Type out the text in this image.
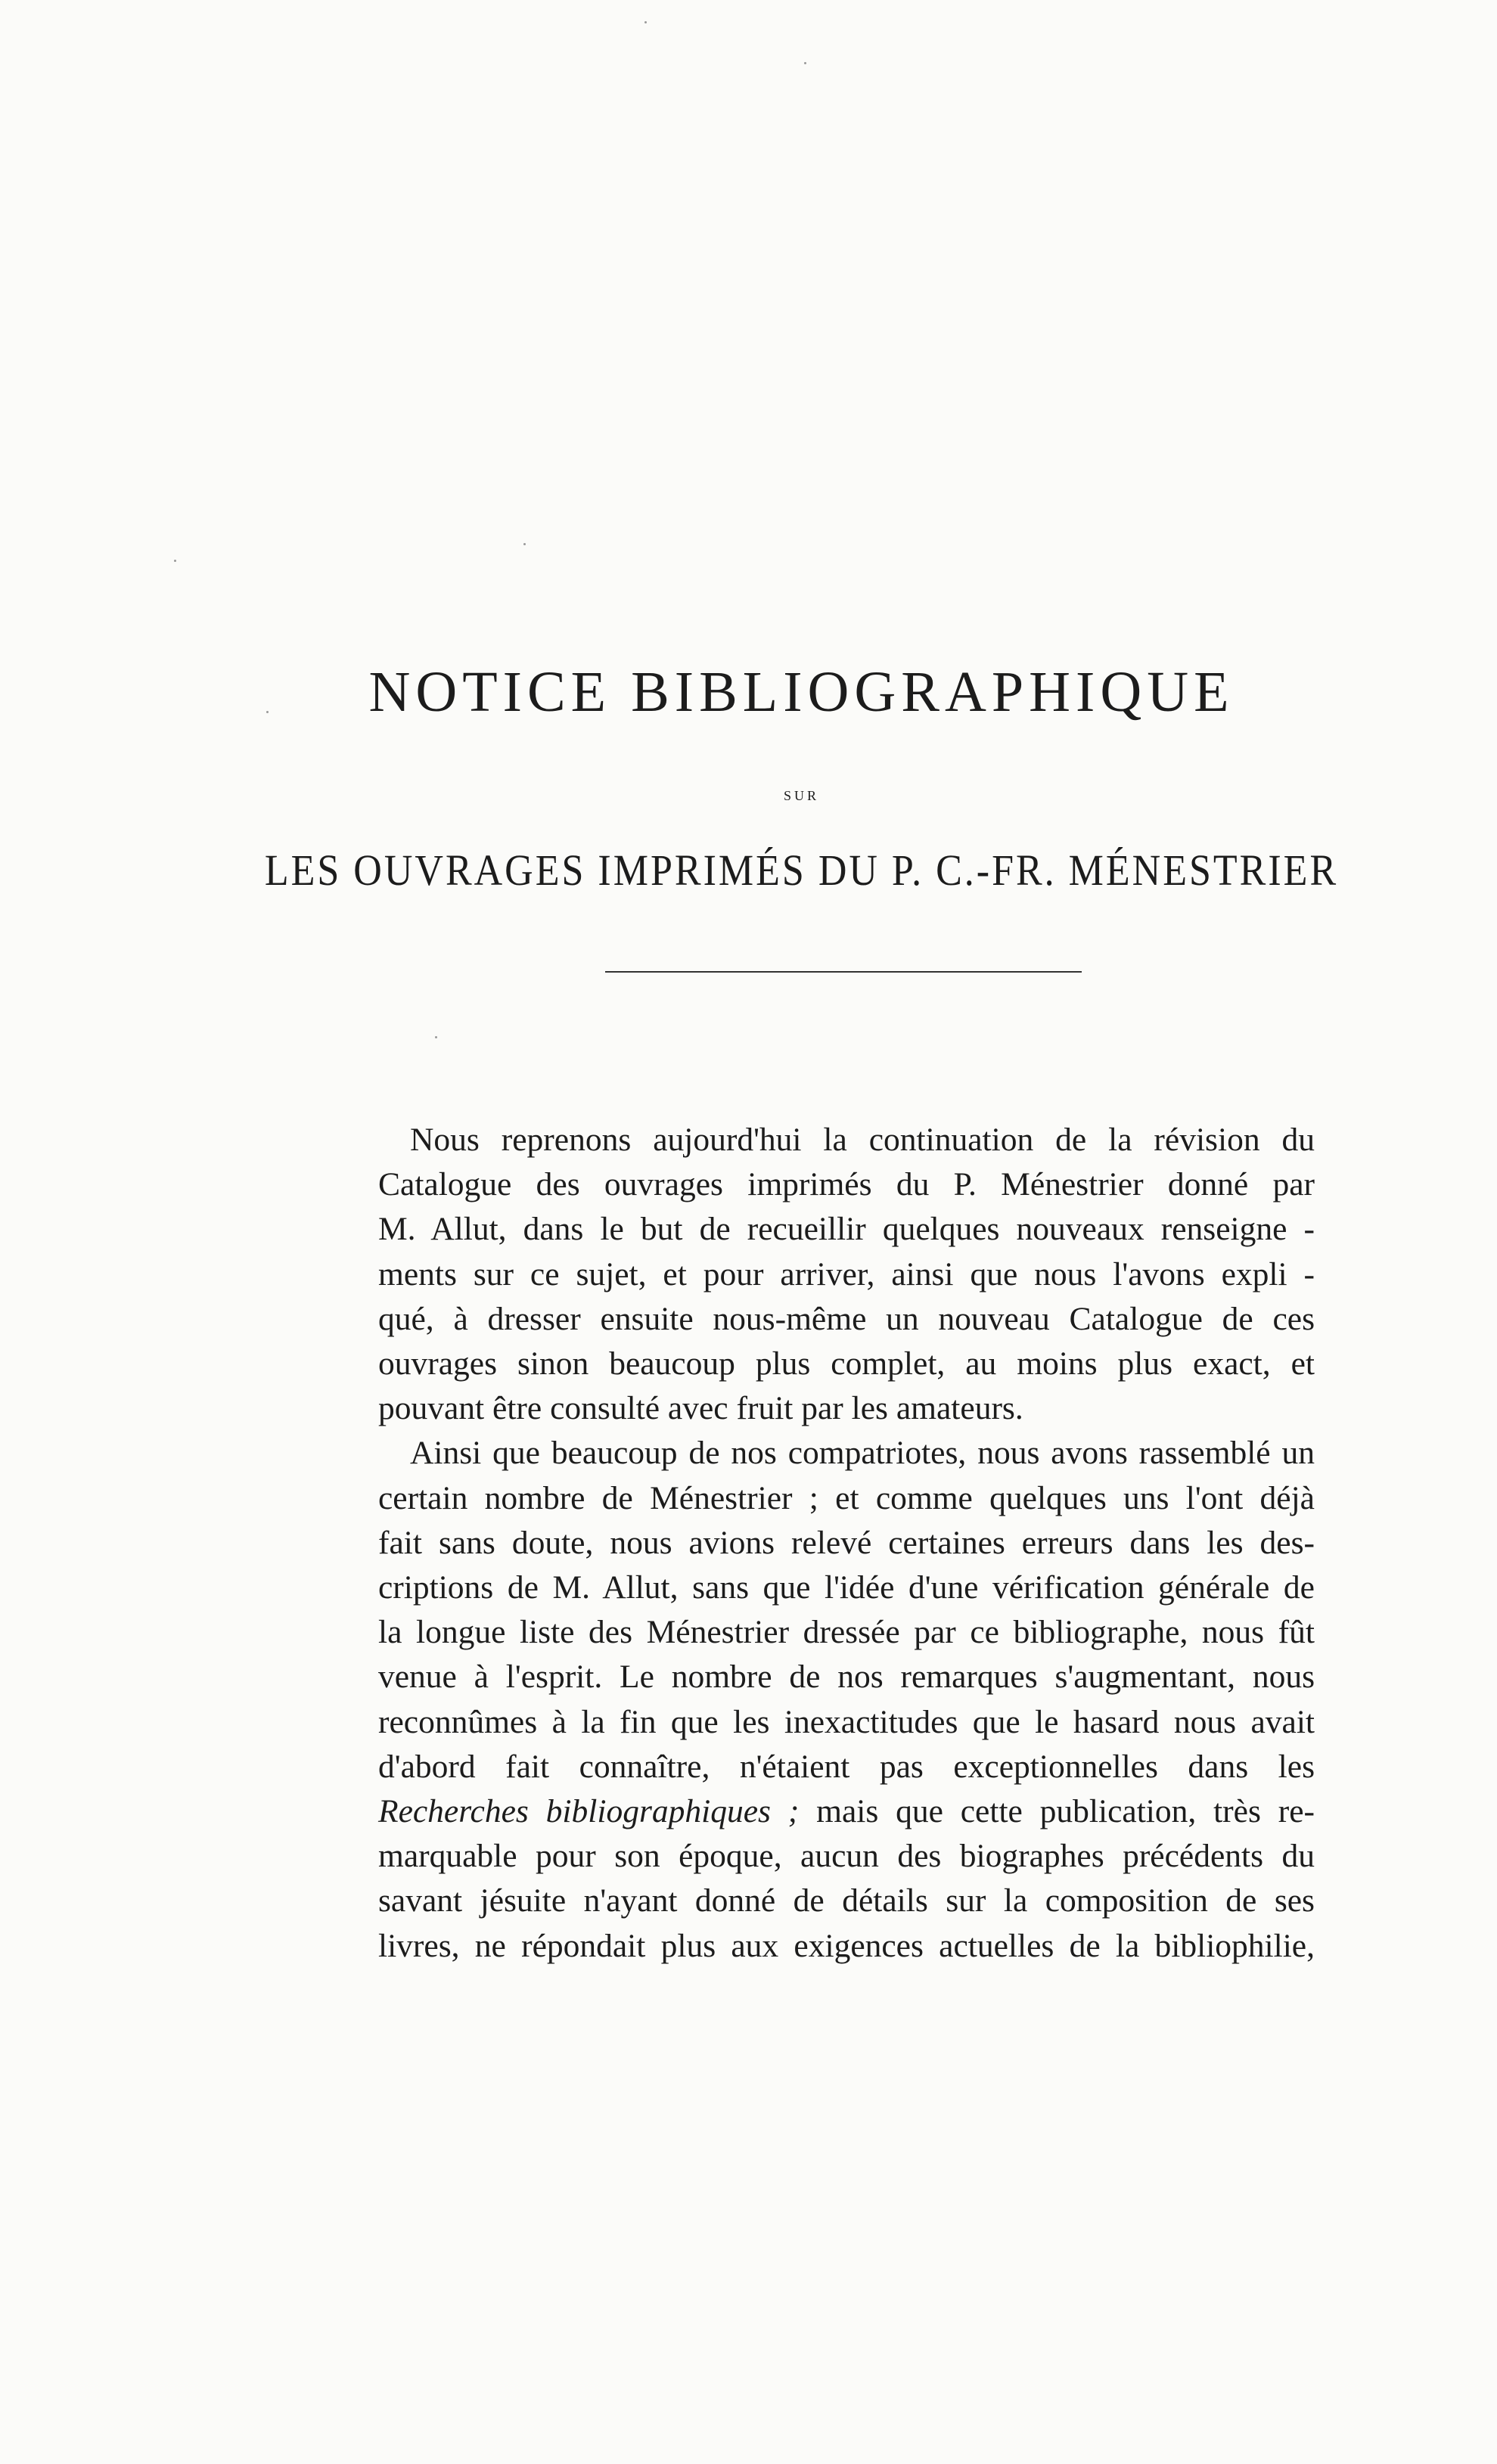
NOTICE BIBLIOGRAPHIQUE
SUR
LES OUVRAGES IMPRIMÉS DU P. C.-FR. MÉNESTRIER
Nous reprenons aujourd'hui la continuation de la révision du
Catalogue des ouvrages imprimés du P. Ménestrier donné par
M. Allut, dans le but de recueillir quelques nouveaux renseigne -
ments sur ce sujet, et pour arriver, ainsi que nous l'avons expli -
qué, à dresser ensuite nous-même un nouveau Catalogue de ces
ouvrages sinon beaucoup plus complet, au moins plus exact, et
pouvant être consulté avec fruit par les amateurs.
Ainsi que beaucoup de nos compatriotes, nous avons rassemblé un
certain nombre de Ménestrier ; et comme quelques uns l'ont déjà
fait sans doute, nous avions relevé certaines erreurs dans les des-
criptions de M. Allut, sans que l'idée d'une vérification générale de
la longue liste des Ménestrier dressée par ce bibliographe, nous fût
venue à l'esprit. Le nombre de nos remarques s'augmentant, nous
reconnûmes à la fin que les inexactitudes que le hasard nous avait
d'abord fait connaître, n'étaient pas exceptionnelles dans les
Recherches bibliographiques ; mais que cette publication, très re-
marquable pour son époque, aucun des biographes précédents du
savant jésuite n'ayant donné de détails sur la composition de ses
livres, ne répondait plus aux exigences actuelles de la bibliophilie,
